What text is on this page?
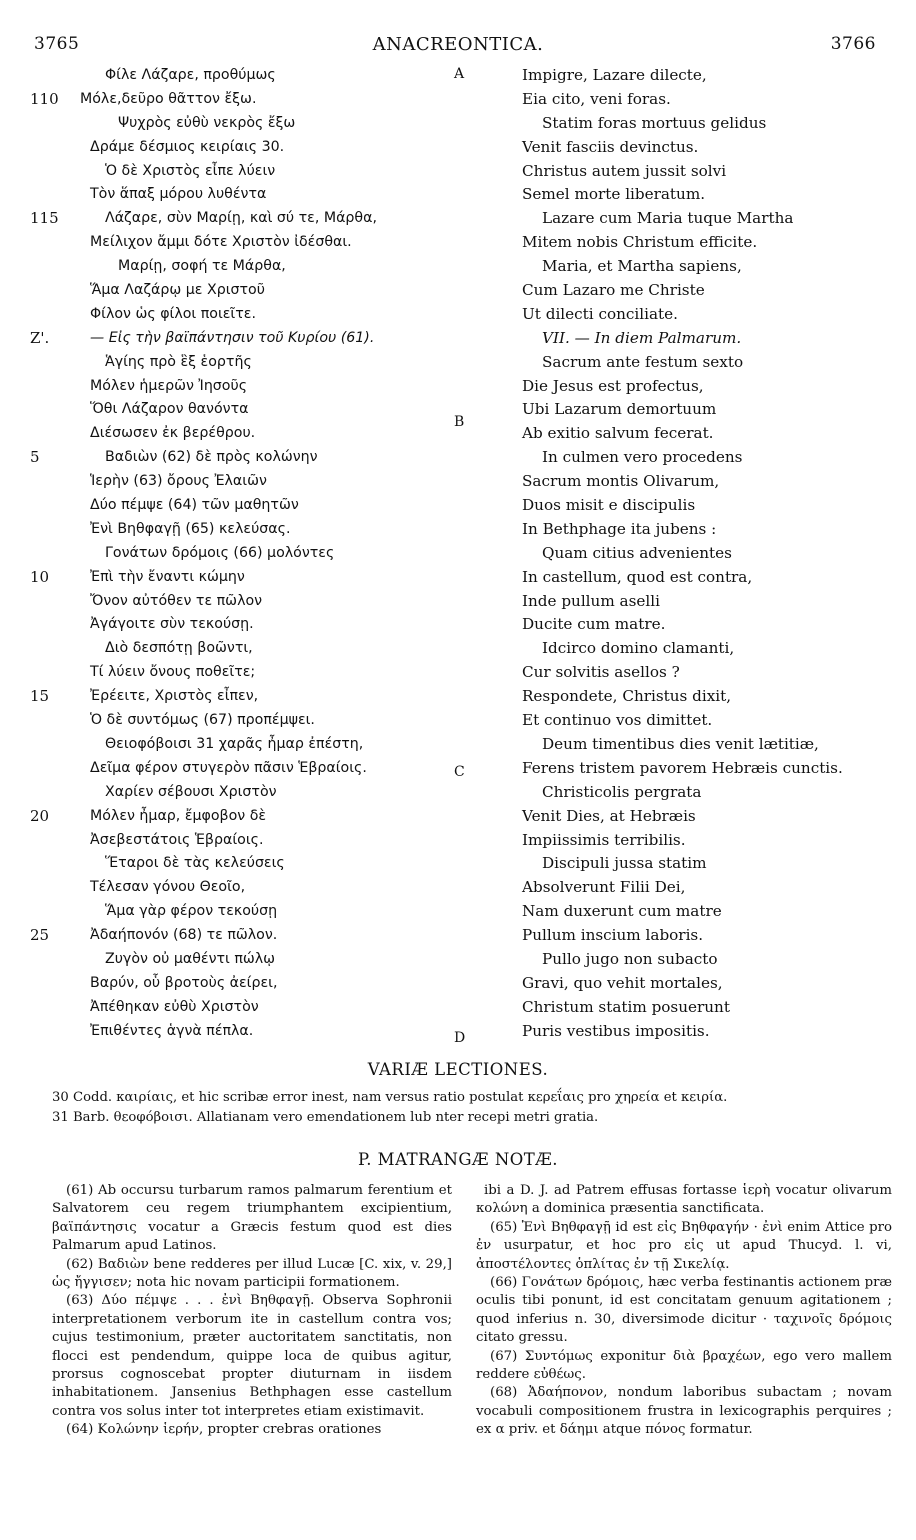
ANACREONTICA.
3765	3766
A
B
C
D
Φίλε Λάζαρε, προθύμως
110 Μόλε,δεῦρο θᾶττον ἔξω.
Ψυχρὸς εὐθὺ νεκρὸς ἔξω
Δράμε δέσμιος κειρίαις 30.
Ὁ δὲ Χριστὸς εἶπε λύειν
Τὸν ἅπαξ μόρου λυθέντα
115	Λάζαρε, σὺν Μαρίῃ, καὶ σύ τε, Μάρθα,
Μείλιχον ἄμμι δότε Χριστὸν ἰδέσθαι.
Μαρίῃ, σοφή τε Μάρθα,
Ἅμα Λαζάρῳ με Χριστοῦ
Φίλον ὡς φίλοι ποιεῖτε.
Ζ'.	— Εἰς τὴν βαϊπάντησιν τοῦ Κυρίου (61).
Ἁγίης πρὸ ἓξ ἑορτῆς
Μόλεν ἡμερῶν Ἰησοῦς
Ὅθι Λάζαρον θανόντα
Διέσωσεν ἐκ βερέθρου.
5	Βαδιὼν (62) δὲ πρὸς κολώνην
Ἱερὴν (63) ὄρους Ἐλαιῶν
Δύο πέμψε (64) τῶν μαθητῶν
Ἐνὶ Βηθφαγῇ (65) κελεύσας.
Γονάτων δρόμοις (66) μολόντες
10	Ἐπὶ τὴν ἔναντι κώμην
Ὄνον αὐτόθεν τε πῶλον
Ἀγάγοιτε σὺν τεκούσῃ.
Διὸ δεσπότῃ βοῶντι,
Τί λύειν ὄνους ποθεῖτε;
15	Ἐρέειτε, Χριστὸς εἶπεν,
Ὁ δὲ συντόμως (67) προπέμψει.
Θειοφόβοισι 31 χαρᾶς ἦμαρ ἐπέστη,
Δεῖμα φέρον στυγερὸν πᾶσιν Ἑβραίοις.
Χαρίεν σέβουσι Χριστὸν
20	Μόλεν ἦμαρ, ἔμφοβον δὲ
Ἀσεβεστάτοις Ἑβραίοις.
Ἕταροι δὲ τὰς κελεύσεις
Τέλεσαν γόνου Θεοῖο,
Ἅμα γὰρ φέρον τεκούσῃ
25	Ἀδαήπονόν (68) τε πῶλον.
Ζυγὸν οὐ μαθέντι πώλῳ
Βαρύν, οὗ βροτοὺς ἀείρει,
Ἀπέθηκαν εὐθὺ Χριστὸν
Ἐπιθέντες ἁγνὰ πέπλα.
Impigre, Lazare dilecte,
Eia cito, veni foras.
Statim foras mortuus gelidus
Venit fasciis devinctus.
Christus autem jussit solvi
Semel morte liberatum.
Lazare cum Maria tuque Martha
Mitem nobis Christum efficite.
Maria, et Martha sapiens,
Cum Lazaro me Christe
Ut dilecti conciliate.
VII. — In diem Palmarum.
Sacrum ante festum sexto
Die Jesus est profectus,
Ubi Lazarum demortuum
Ab exitio salvum fecerat.
In culmen vero procedens
Sacrum montis Olivarum,
Duos misit e discipulis
In Bethphage ita jubens :
Quam citius advenientes
In castellum, quod est contra,
Inde pullum aselli
Ducite cum matre.
Idcirco domino clamanti,
Cur solvitis asellos ?
Respondete, Christus dixit,
Et continuo vos dimittet.
Deum timentibus dies venit lætitiæ,
Ferens tristem pavorem Hebræis cunctis.
Christicolis pergrata
Venit Dies, at Hebræis
Impiissimis terribilis.
Discipuli jussa statim
Absolverunt Filii Dei,
Nam duxerunt cum matre
Pullum inscium laboris.
Pullo jugo non subacto
Gravi, quo vehit mortales,
Christum statim posuerunt
Puris vestibus impositis.
VARIÆ LECTIONES.
30 Codd. καιρίαις, et hic scribæ error inest, nam versus ratio postulat κερεΐαις pro χηρεία et κειρία.
31 Barb. θεοφόβοισι. Allatianam vero emendationem lub nter recepi metri gratia.
P. MATRANGÆ NOTÆ.

(61) Ab occursu turbarum ramos palmarum ferentium et Salvatorem ceu regem triumphantem excipientium, βαϊπάντησις vocatur a Græcis festum quod est dies Palmarum apud Latinos.

(62) Βαδιὼν bene redderes per illud Lucæ [C. xix, v. 29,] ὡς ἤγγισεν; nota hic novam participii formationem.

(63) Δύο πέμψε . . . ἐνὶ Βηθφαγῇ. Observa Sophronii interpretationem verborum ite in castellum contra vos; cujus testimonium, præter auctoritatem sanctitatis, non flocci est pendendum, quippe loca de quibus agitur, prorsus cognoscebat propter diuturnam in iisdem inhabitationem. Jansenius Bethphagen esse castellum contra vos solus inter tot interpretes etiam existimavit.

(64) Κολώνην ἱερήν, propter crebras orationes

ibi a D. J. ad Patrem effusas fortasse ἱερὴ vocatur olivarum κολώνη a dominica præsentia sanctificata.

(65) Ἐνὶ Βηθφαγῇ id est εἰς Βηθφαγήν · ἐνὶ enim Attice pro ἐν usurpatur, et hoc pro εἰς ut apud Thucyd. l. vi, ἀποστέλοντες ὁπλίτας ἐν τῇ Σικελίᾳ.

(66) Γονάτων δρόμοις, hæc verba festinantis actionem præ oculis tibi ponunt, id est concitatam genuum agitationem ; quod inferius n. 30, diversimode dicitur · ταχινοῖς δρόμοις citato gressu.

(67) Συντόμως exponitur διὰ βραχέων, ego vero mallem reddere εὐθέως.

(68) Ἀδαήπονον, nondum laboribus subactam ; novam vocabuli compositionem frustra in lexicographis perquires ; ex α priv. et δάημι atque πόνος formatur.
